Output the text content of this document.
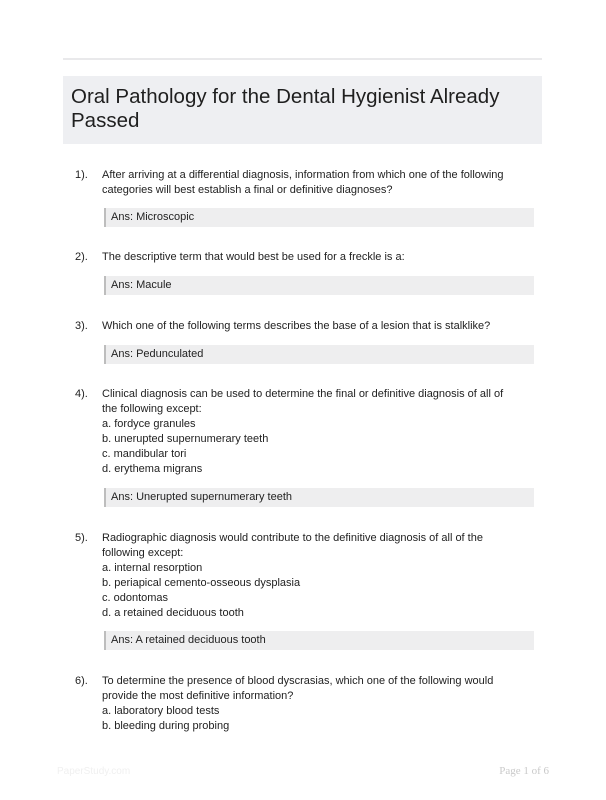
Oral Pathology for the Dental Hygienist Already Passed
1). After arriving at a differential diagnosis, information from which one of the following categories will best establish a final or definitive diagnoses?
Ans: Microscopic
2). The descriptive term that would best be used for a freckle is a:
Ans: Macule
3). Which one of the following terms describes the base of a lesion that is stalklike?
Ans: Pedunculated
4). Clinical diagnosis can be used to determine the final or definitive diagnosis of all of the following except:
a. fordyce granules
b. unerupted supernumerary teeth
c. mandibular tori
d. erythema migrans
Ans: Unerupted supernumerary teeth
5). Radiographic diagnosis would contribute to the definitive diagnosis of all of the following except:
a. internal resorption
b. periapical cemento-osseous dysplasia
c. odontomas
d. a retained deciduous tooth
Ans: A retained deciduous tooth
6). To determine the presence of blood dyscrasias, which one of the following would provide the most definitive information?
a. laboratory blood tests
b. bleeding during probing
PaperStudy.com	Page 1 of 6
